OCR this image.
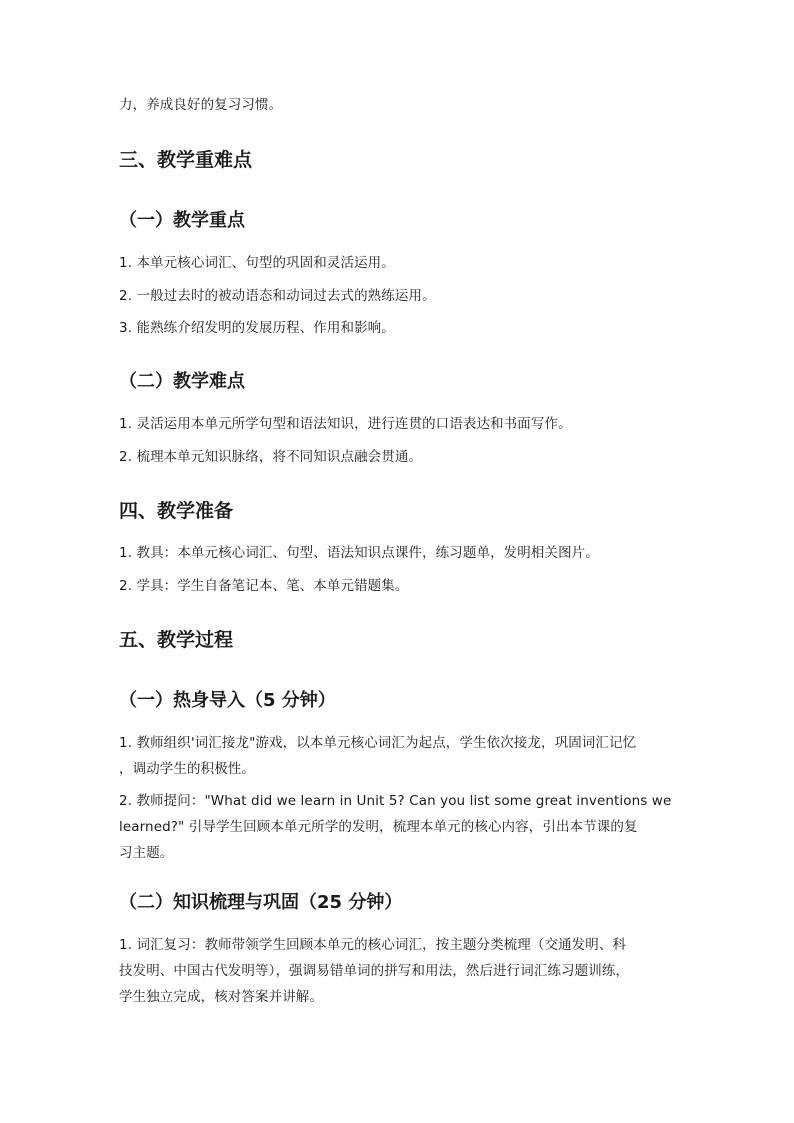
力，养成良好的复习习惯。

三、教学重难点
（一）教学重点

1. 本单元核心词汇、句型的巩固和灵活运用。

2. 一般过去时的被动语态和动词过去式的熟练运用。

3. 能熟练介绍发明的发展历程、作用和影响。

（二）教学难点

1. 灵活运用本单元所学句型和语法知识，进行连贯的口语表达和书面写作。

2. 梳理本单元知识脉络，将不同知识点融会贯通。

四、教学准备

1. 教具：本单元核心词汇、句型、语法知识点课件，练习题单，发明相关图片。

2. 学具：学生自备笔记本、笔、本单元错题集。

五、教学过程
（一）热身导入（5 分钟）

1. 教师组织'词汇接龙"游戏，以本单元核心词汇为起点，学生依次接龙，巩固词汇记忆

，调动学生的积极性。

2. 教师提问："What did we learn in Unit 5? Can you list some great inventions we

learned?" 引导学生回顾本单元所学的发明，梳理本单元的核心内容，引出本节课的复

习主题。

（二）知识梳理与巩固（25 分钟）

1. 词汇复习：教师带领学生回顾本单元的核心词汇，按主题分类梳理（交通发明、科

技发明、中国古代发明等），强调易错单词的拼写和用法，然后进行词汇练习题训练，

学生独立完成，核对答案并讲解。
